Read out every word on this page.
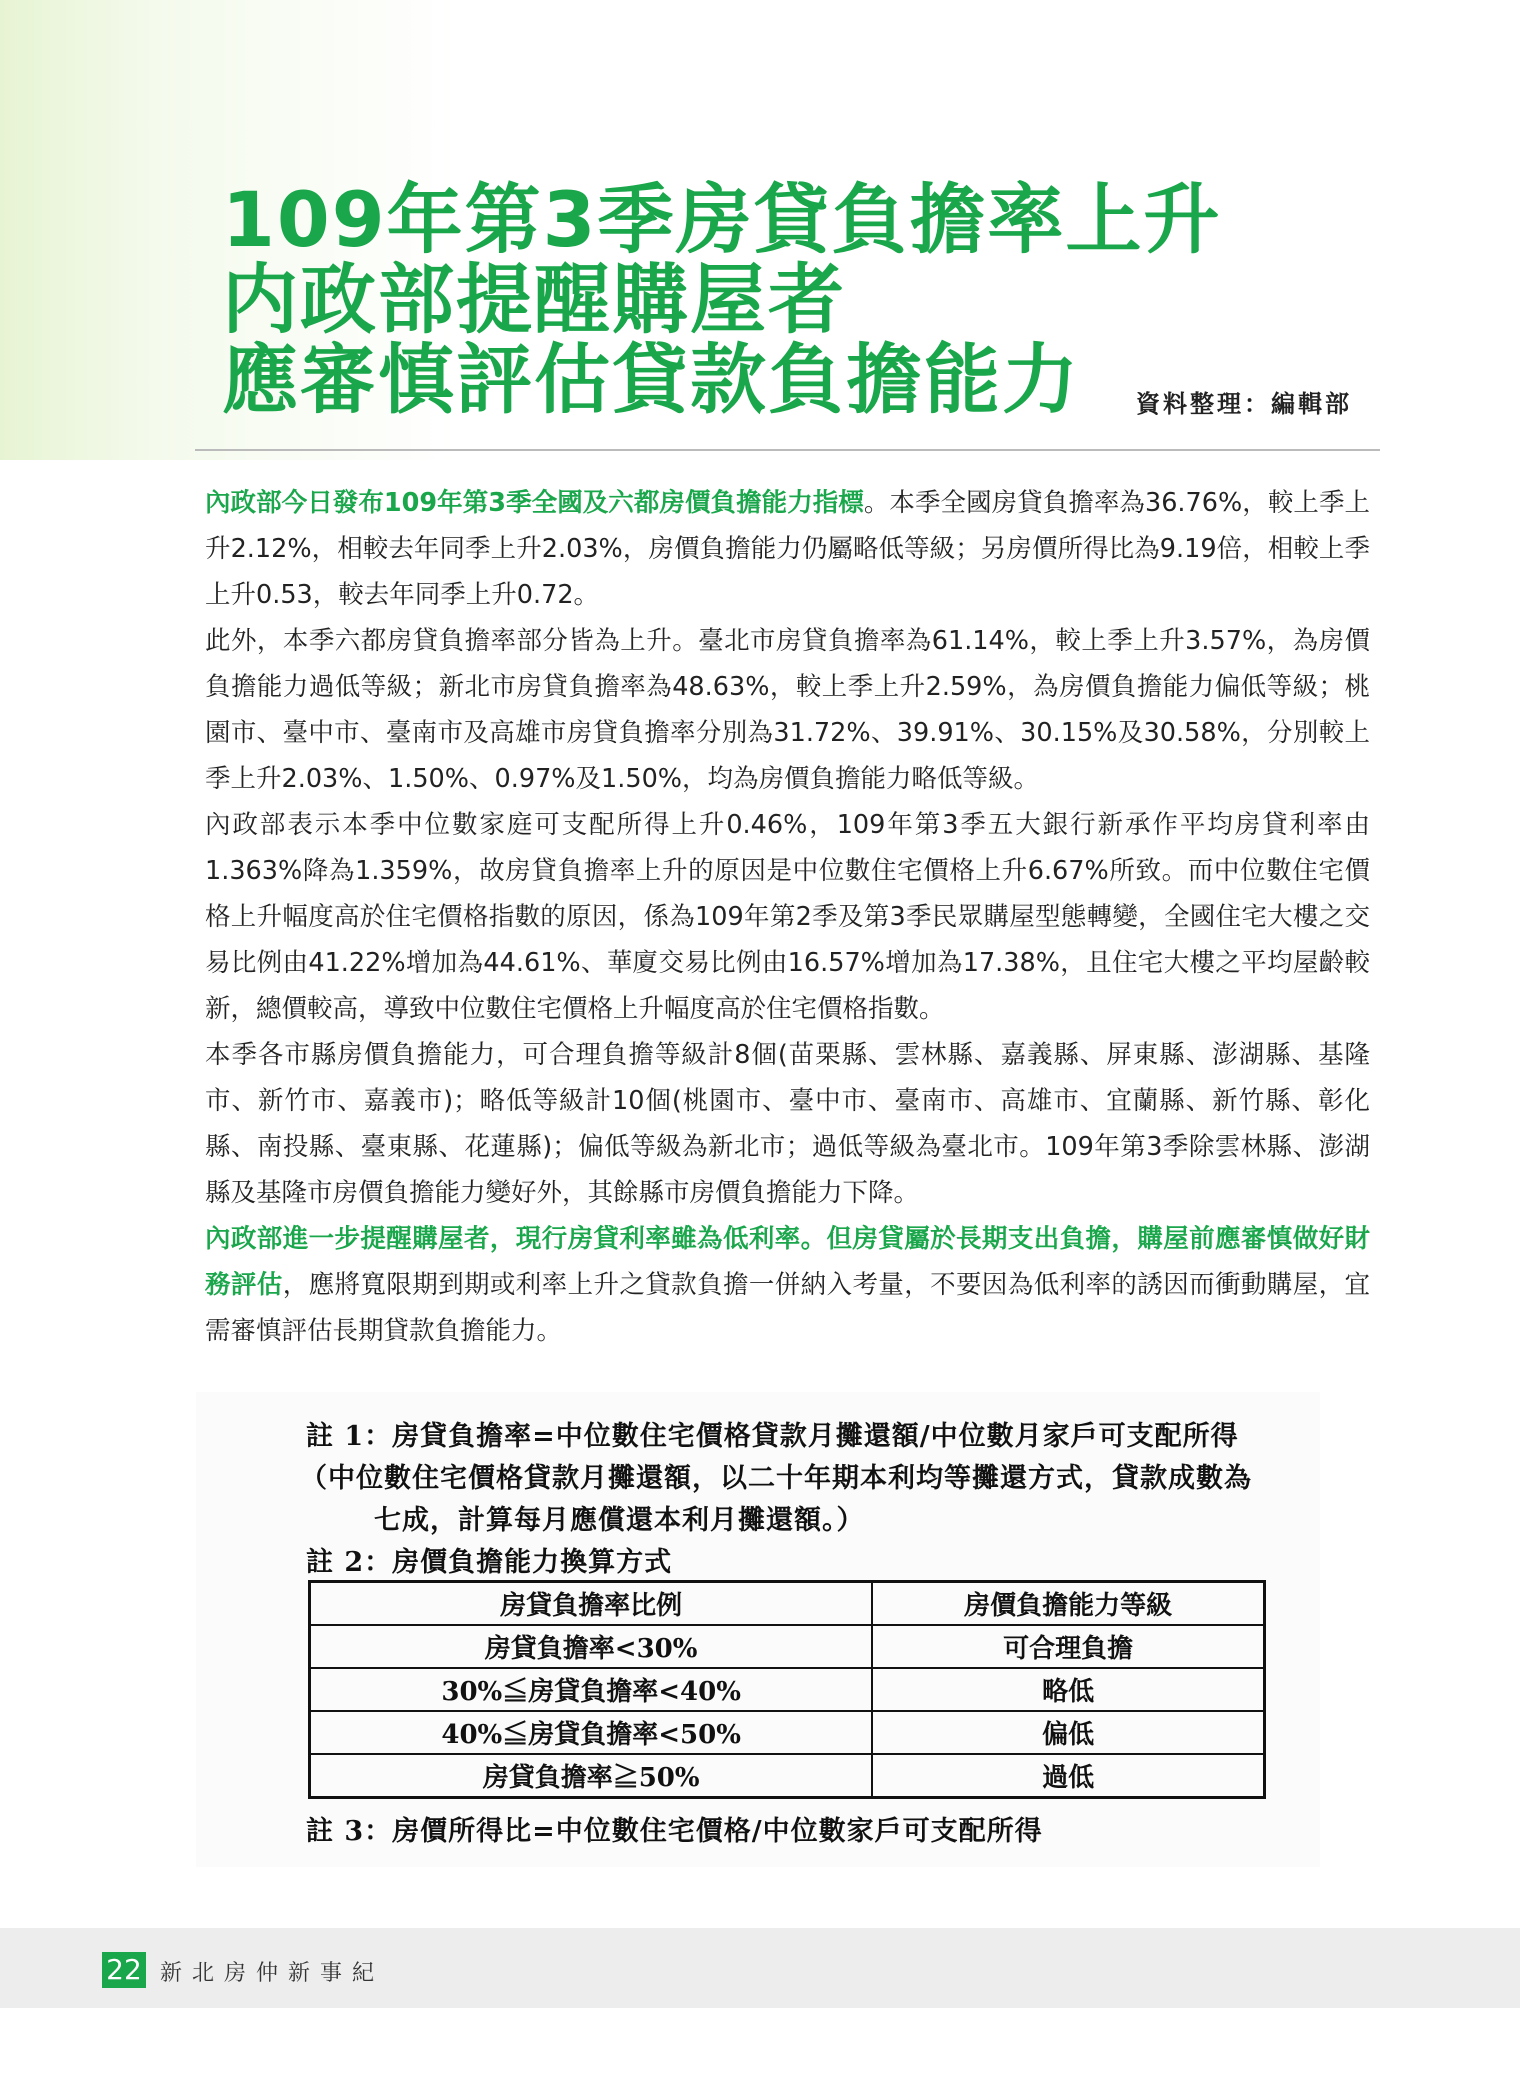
109年第3季房貸負擔率上升
内政部提醒購屋者
應審慎評估貸款負擔能力	資料整理：編輯部

內政部今日發布109年第3季全國及六都房價負擔能力指標。本季全國房貸負擔率為36.76%，較上季上升2.12%，相較去年同季上升2.03%，房價負擔能力仍屬略低等級；另房價所得比為9.19倍，相較上季上升0.53，較去年同季上升0.72。

此外，本季六都房貸負擔率部分皆為上升。臺北市房貸負擔率為61.14%，較上季上升3.57%，為房價負擔能力過低等級；新北市房貸負擔率為48.63%，較上季上升2.59%，為房價負擔能力偏低等級；桃園市、臺中市、臺南市及高雄市房貸負擔率分別為31.72%、39.91%、30.15%及30.58%，分別較上季上升2.03%、1.50%、0.97%及1.50%，均為房價負擔能力略低等級。

內政部表示本季中位數家庭可支配所得上升0.46%，109年第3季五大銀行新承作平均房貸利率由1.363%降為1.359%，故房貸負擔率上升的原因是中位數住宅價格上升6.67%所致。而中位數住宅價格上升幅度高於住宅價格指數的原因，係為109年第2季及第3季民眾購屋型態轉變，全國住宅大樓之交易比例由41.22%增加為44.61%、華廈交易比例由16.57%增加為17.38%，且住宅大樓之平均屋齡較新，總價較高，導致中位數住宅價格上升幅度高於住宅價格指數。

本季各市縣房價負擔能力，可合理負擔等級計8個(苗栗縣、雲林縣、嘉義縣、屏東縣、澎湖縣、基隆市、新竹市、嘉義市)；略低等級計10個(桃園市、臺中市、臺南市、高雄市、宜蘭縣、新竹縣、彰化縣、南投縣、臺東縣、花蓮縣)；偏低等級為新北市；過低等級為臺北市。109年第3季除雲林縣、澎湖縣及基隆市房價負擔能力變好外，其餘縣市房價負擔能力下降。

內政部進一步提醒購屋者，現行房貸利率雖為低利率。但房貸屬於長期支出負擔，購屋前應審慎做好財務評估，應將寬限期到期或利率上升之貸款負擔一併納入考量，不要因為低利率的誘因而衝動購屋，宜需審慎評估長期貸款負擔能力。

註 1：房貸負擔率=中位數住宅價格貸款月攤還額/中位數月家戶可支配所得
（中位數住宅價格貸款月攤還額，以二十年期本利均等攤還方式，貸款成數為
七成，計算每月應償還本利月攤還額。）
註 2：房價負擔能力換算方式
房貸負擔率比例	房價負擔能力等級
房貸負擔率<30%	可合理負擔
30%≦房貸負擔率<40%	略低
40%≦房貸負擔率<50%	偏低
房貸負擔率≧50%	過低
註 3：房價所得比=中位數住宅價格/中位數家戶可支配所得
22 新北房仲新事紀
